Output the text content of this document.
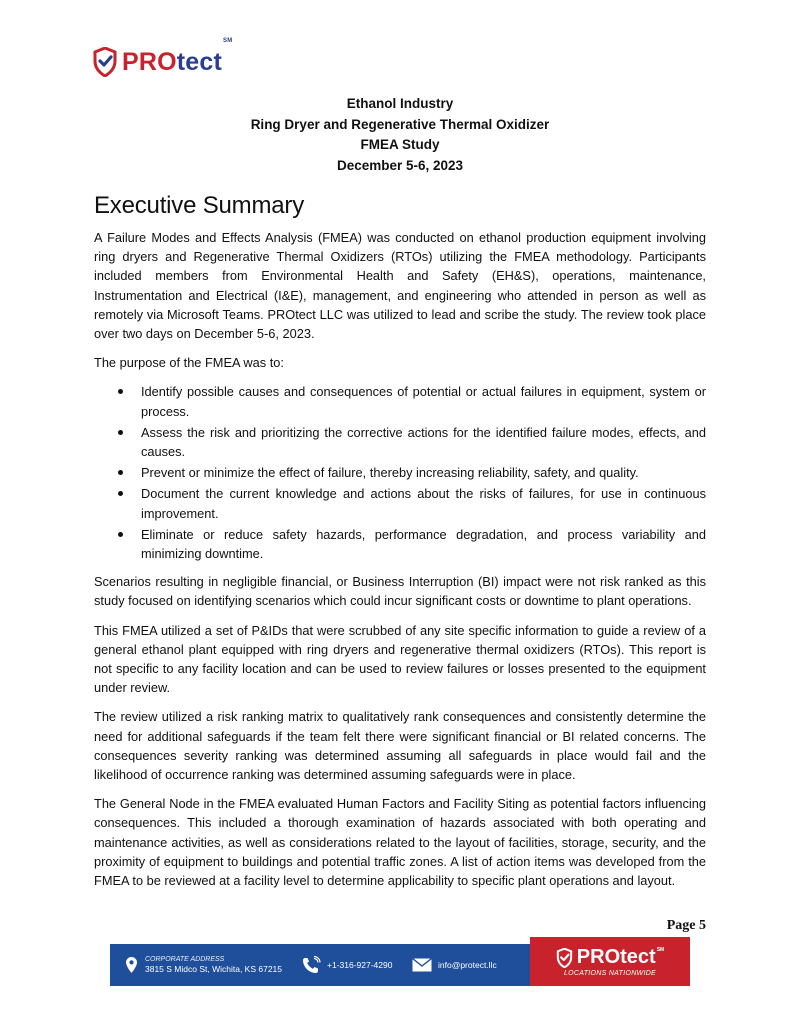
PROtect℠
Ethanol Industry
Ring Dryer and Regenerative Thermal Oxidizer
FMEA Study
December 5-6, 2023
Executive Summary

A Failure Modes and Effects Analysis (FMEA) was conducted on ethanol production equipment involving ring dryers and Regenerative Thermal Oxidizers (RTOs) utilizing the FMEA methodology. Participants included members from Environmental Health and Safety (EH&S), operations, maintenance, Instrumentation and Electrical (I&E), management, and engineering who attended in person as well as remotely via Microsoft Teams. PROtect LLC was utilized to lead and scribe the study. The review took place over two days on December 5-6, 2023.

The purpose of the FMEA was to:

Identify possible causes and consequences of potential or actual failures in equipment, system or process.
Assess the risk and prioritizing the corrective actions for the identified failure modes, effects, and causes.
Prevent or minimize the effect of failure, thereby increasing reliability, safety, and quality.
Document the current knowledge and actions about the risks of failures, for use in continuous improvement.
Eliminate or reduce safety hazards, performance degradation, and process variability and minimizing downtime.

Scenarios resulting in negligible financial, or Business Interruption (BI) impact were not risk ranked as this study focused on identifying scenarios which could incur significant costs or downtime to plant operations.

This FMEA utilized a set of P&IDs that were scrubbed of any site specific information to guide a review of a general ethanol plant equipped with ring dryers and regenerative thermal oxidizers (RTOs). This report is not specific to any facility location and can be used to review failures or losses presented to the equipment under review.

The review utilized a risk ranking matrix to qualitatively rank consequences and consistently determine the need for additional safeguards if the team felt there were significant financial or BI related concerns. The consequences severity ranking was determined assuming all safeguards in place would fail and the likelihood of occurrence ranking was determined assuming safeguards were in place.

The General Node in the FMEA evaluated Human Factors and Facility Siting as potential factors influencing consequences. This included a thorough examination of hazards associated with both operating and maintenance activities, as well as considerations related to the layout of facilities, storage, security, and the proximity of equipment to buildings and potential traffic zones. A list of action items was developed from the FMEA to be reviewed at a facility level to determine applicability to specific plant operations and layout.

Page 5
CORPORATE ADDRESS
3815 S Midco St, Wichita, KS 67215	+1-316-927-4290	info@protect.llc	PRO tect SM
LOCATIONS NATIONWIDE
